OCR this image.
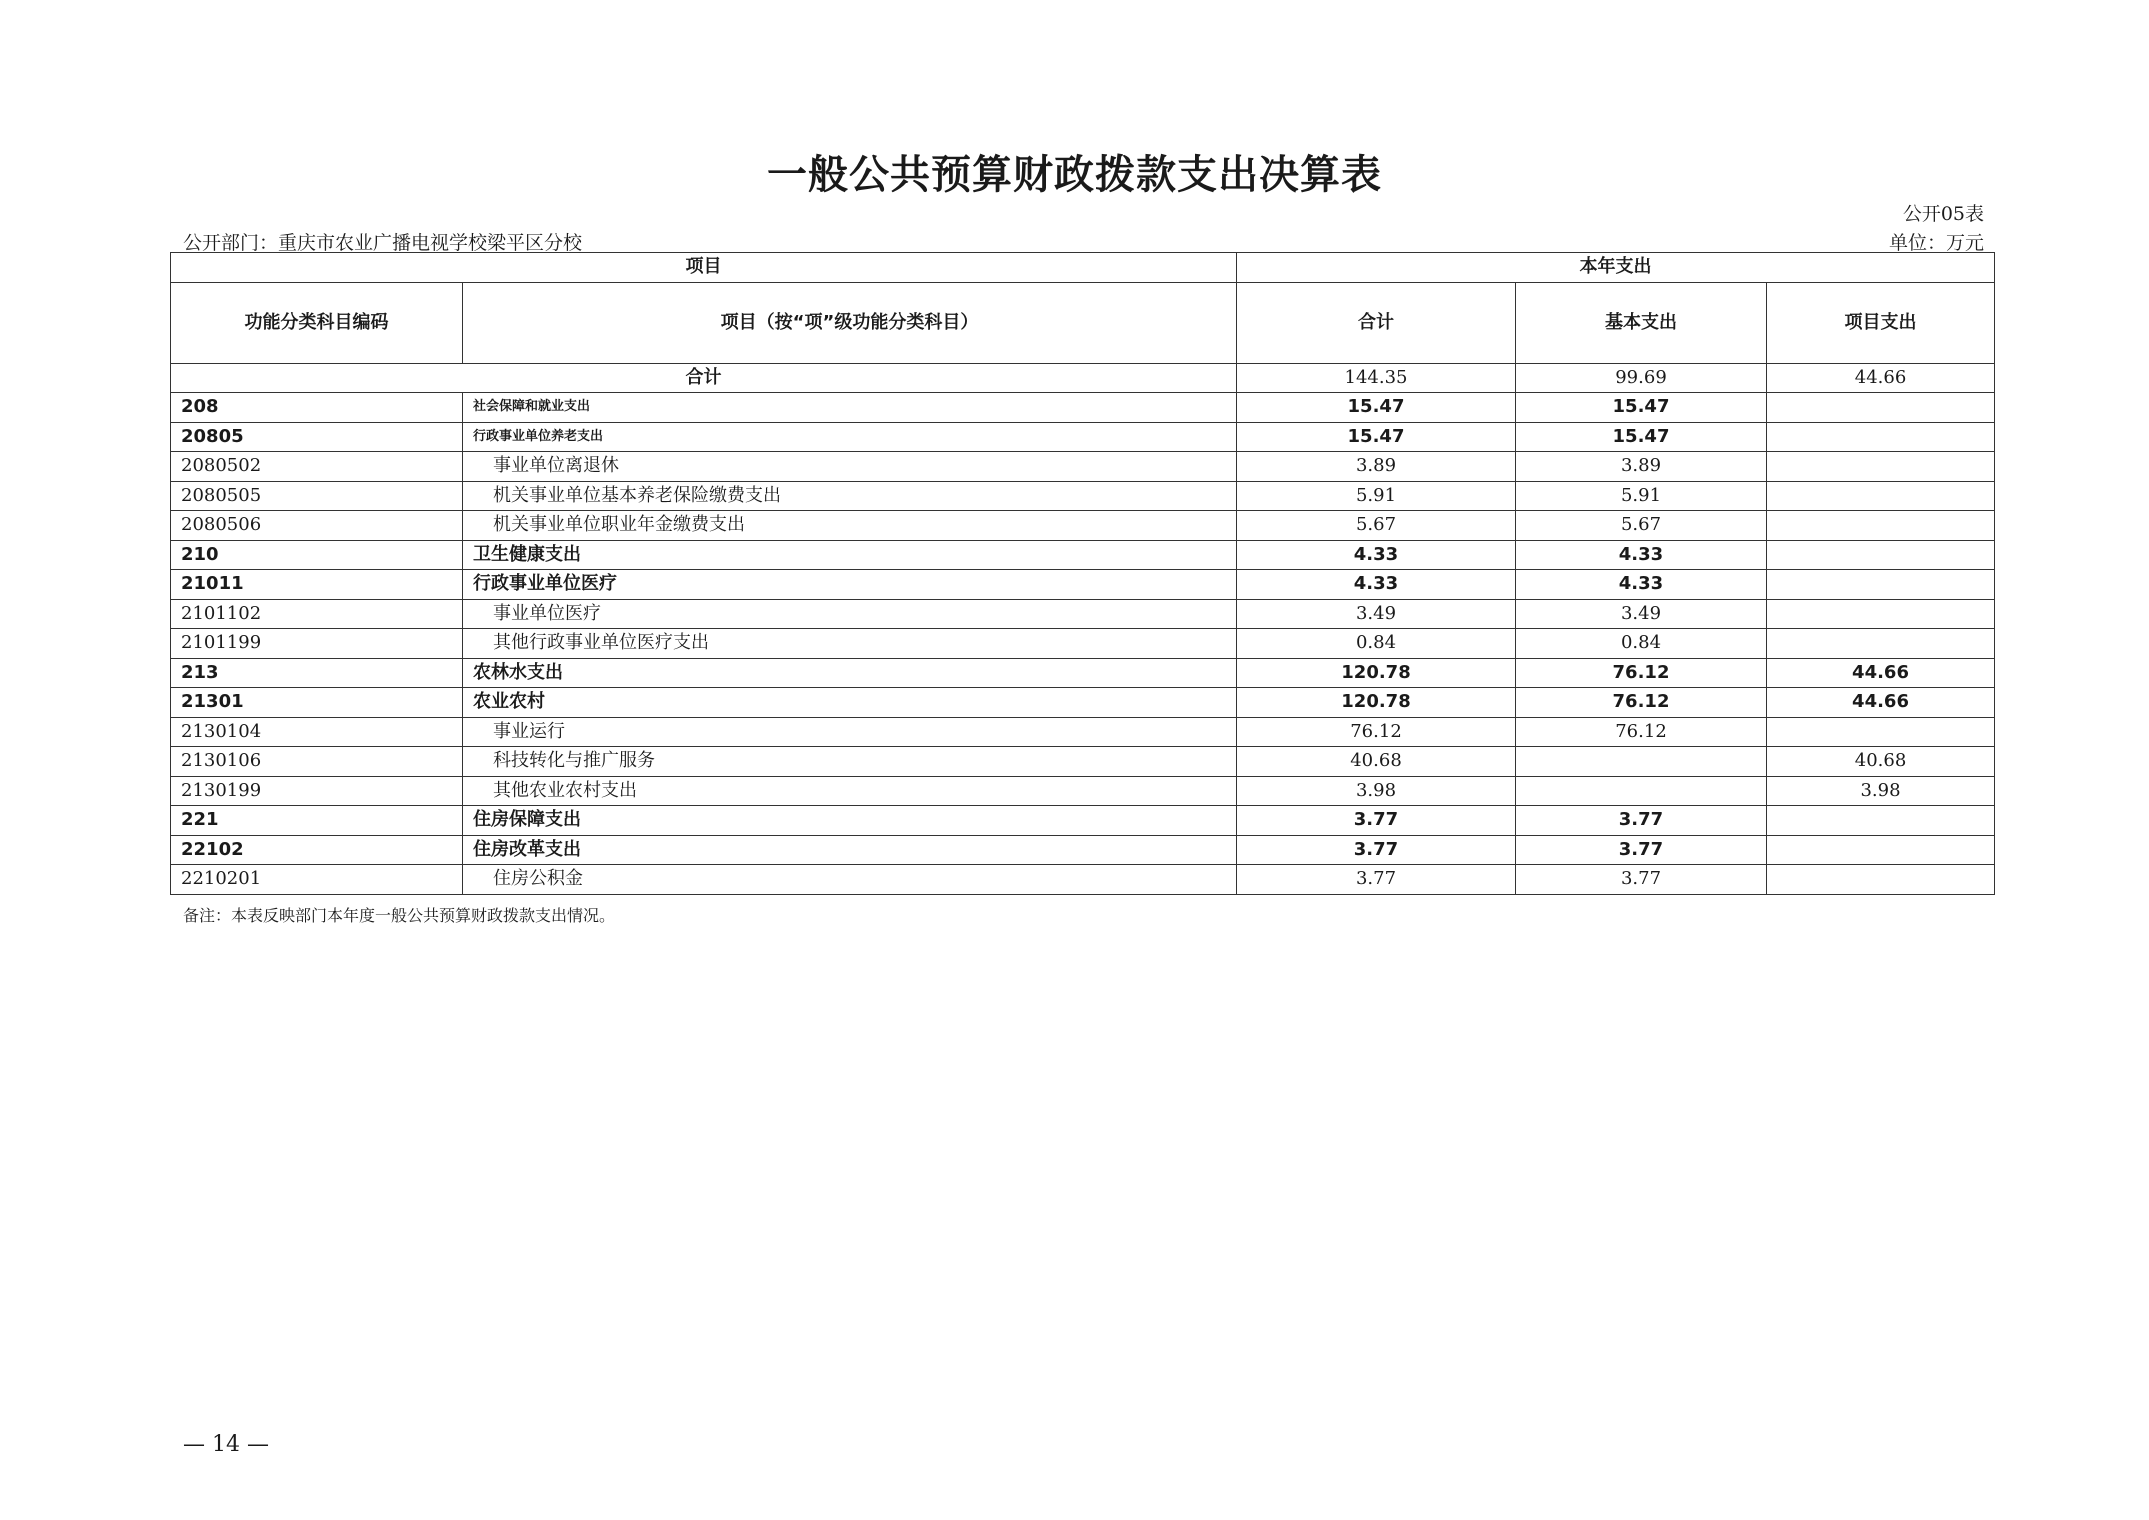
一般公共预算财政拨款支出决算表
公开05表
公开部门：重庆市农业广播电视学校梁平区分校	单位：万元
项目		本年支出		
功能分类科目编码	项目（按“项”级功能分类科目）	合计	基本支出	项目支出
合计		144.35	99.69	44.66
208	社会保障和就业支出	15.47	15.47	
20805	行政事业单位养老支出	15.47	15.47	
2080502	事业单位离退休	3.89	3.89	
2080505	机关事业单位基本养老保险缴费支出	5.91	5.91	
2080506	机关事业单位职业年金缴费支出	5.67	5.67	
210	卫生健康支出	4.33	4.33	
21011	行政事业单位医疗	4.33	4.33	
2101102	事业单位医疗	3.49	3.49	
2101199	其他行政事业单位医疗支出	0.84	0.84	
213	农林水支出	120.78	76.12	44.66
21301	农业农村	120.78	76.12	44.66
2130104	事业运行	76.12	76.12	
2130106	科技转化与推广服务	40.68		40.68
2130199	其他农业农村支出	3.98		3.98
221	住房保障支出	3.77	3.77	
22102	住房改革支出	3.77	3.77	
2210201	住房公积金	3.77	3.77	
备注：本表反映部门本年度一般公共预算财政拨款支出情况。
— 14 —
